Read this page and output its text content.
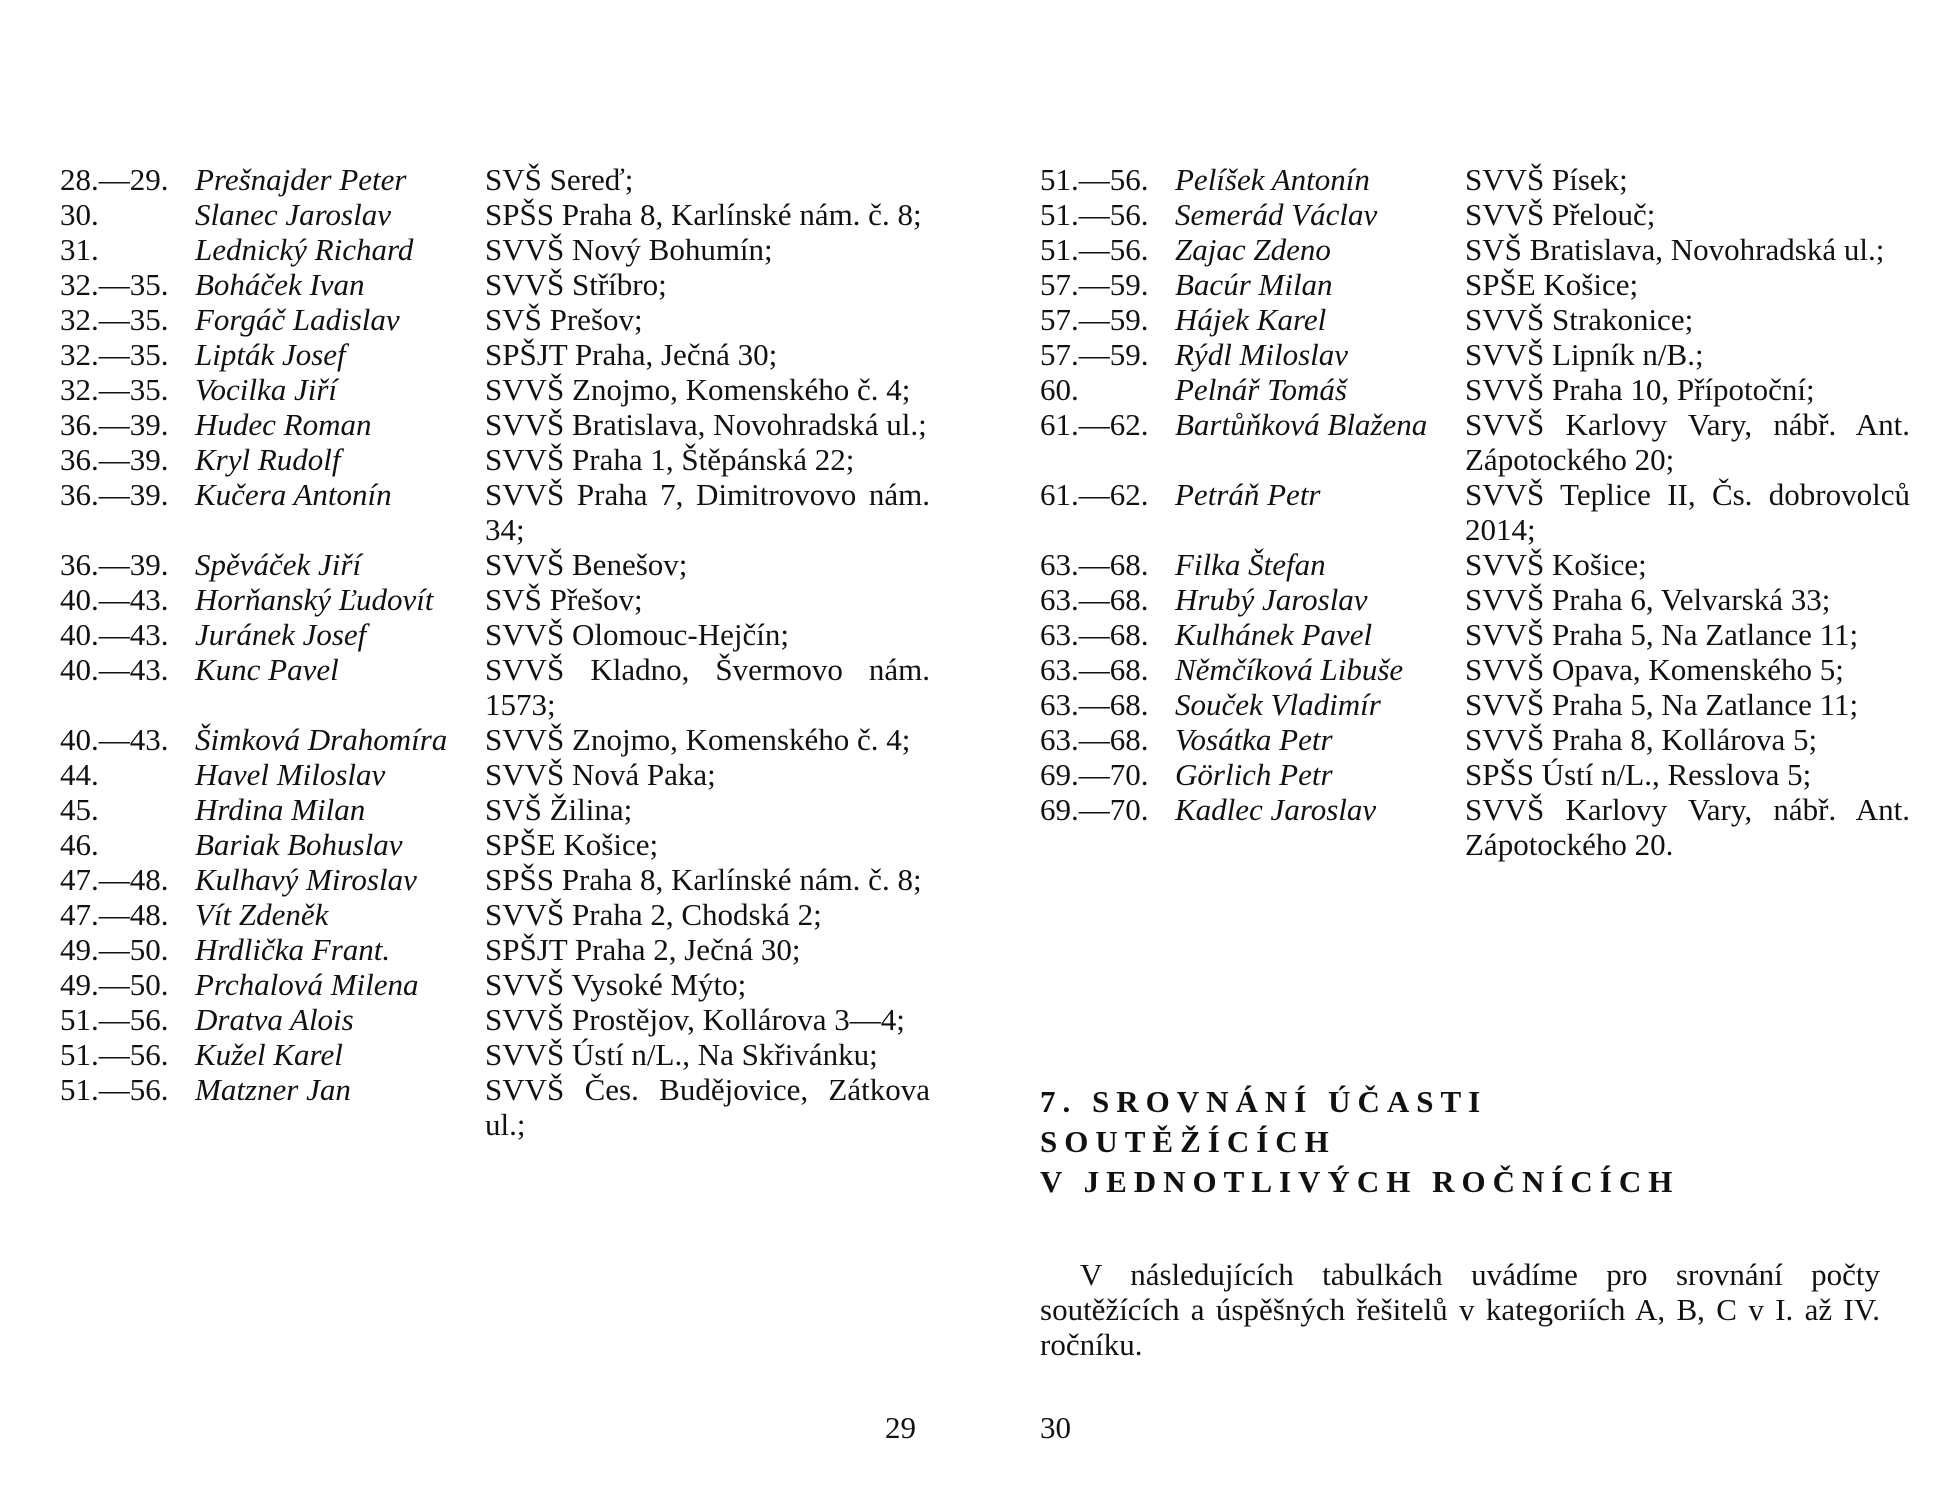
28.—29. Prešnajder Peter	SVŠ Sereď;
30.	Slanec Jaroslav	SPŠS Praha 8, Karlínské nám. č. 8;
31.	Lednický Richard	SVVŠ Nový Bohumín;
32.—35. Boháček Ivan	SVVŠ Stříbro;
32.—35. Forgáč Ladislav	SVŠ Prešov;
32.—35. Lipták Josef	SPŠJT Praha, Ječná 30;
32.—35. Vocilka Jiří	SVVŠ Znojmo, Komenského č. 4;
36.—39. Hudec Roman	SVVŠ Bratislava, Novohradská ul.;
36.—39. Kryl Rudolf	SVVŠ Praha 1, Štěpánská 22;
36.—39. Kučera Antonín	SVVŠ Praha 7, Dimitrovovo nám. 34;
36.—39. Spěváček Jiří	SVVŠ Benešov;
40.—43. Horňanský Ľudovít	SVŠ Přešov;
40.—43. Juránek Josef	SVVŠ Olomouc-Hejčín;
40.—43. Kunc Pavel	SVVŠ Kladno, Švermovo nám. 1573;
40.—43. Šimková Drahomíra	SVVŠ Znojmo, Komenského č. 4;
44.	Havel Miloslav	SVVŠ Nová Paka;
45.	Hrdina Milan	SVŠ Žilina;
46.	Bariak Bohuslav	SPŠE Košice;
47.—48. Kulhavý Miroslav	SPŠS Praha 8, Karlínské nám. č. 8;
47.—48. Vít Zdeněk	SVVŠ Praha 2, Chodská 2;
49.—50. Hrdlička Frant.	SPŠJT Praha 2, Ječná 30;
49.—50. Prchalová Milena	SVVŠ Vysoké Mýto;
51.—56. Dratva Alois	SVVŠ Prostějov, Kollárova 3—4;
51.—56. Kužel Karel	SVVŠ Ústí n/L., Na Skřivánku;
51.—56. Matzner Jan	SVVŠ Čes. Budějovice, Zátkova ul.;
51.—56. Pelíšek Antonín	SVVŠ Písek;
51.—56. Semerád Václav	SVVŠ Přelouč;
51.—56. Zajac Zdeno	SVŠ Bratislava, Novohradská ul.;
57.—59. Bacúr Milan	SPŠE Košice;
57.—59. Hájek Karel	SVVŠ Strakonice;
57.—59. Rýdl Miloslav	SVVŠ Lipník n/B.;
60.	Pelnář Tomáš	SVVŠ Praha 10, Přípotoční;
61.—62. Bartůňková Blažena	SVVŠ Karlovy Vary, nábř. Ant. Zápotockého 20;
61.—62. Petráň Petr	SVVŠ Teplice II, Čs. dobrovolců 2014;
63.—68. Filka Štefan	SVVŠ Košice;
63.—68. Hrubý Jaroslav	SVVŠ Praha 6, Velvarská 33;
63.—68. Kulhánek Pavel	SVVŠ Praha 5, Na Zatlance 11;
63.—68. Němčíková Libuše	SVVŠ Opava, Komenského 5;
63.—68. Souček Vladimír	SVVŠ Praha 5, Na Zatlance 11;
63.—68. Vosátka Petr	SVVŠ Praha 8, Kollárova 5;
69.—70. Görlich Petr	SPŠS Ústí n/L., Resslova 5;
69.—70. Kadlec Jaroslav	SVVŠ Karlovy Vary, nábř. Ant. Zápotockého 20.
7. SROVNÁNÍ ÚČASTI
SOUTĚŽÍCÍCH
V JEDNOTLIVÝCH ROČNÍCÍCH
V následujících tabulkách uvádíme pro srovnání počty soutěžících a úspěšných řešitelů v kategoriích A, B, C v I. až IV. ročníku.
29	30
